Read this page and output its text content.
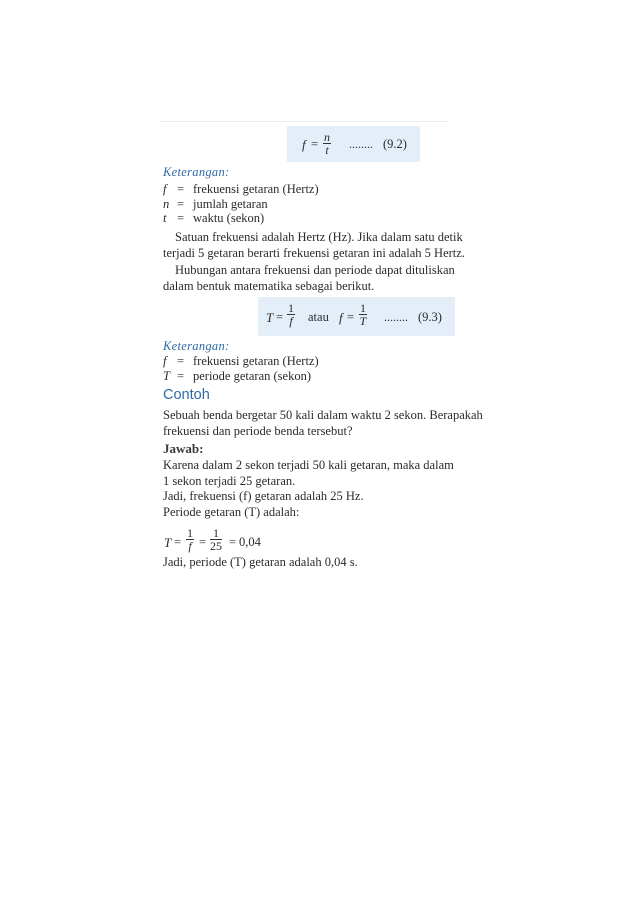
$f = \frac{n}{t}$ ........ (9.2)
Keterangan:
f = frekuensi getaran (Hertz)
n = jumlah getaran
t = waktu (sekon)
Satuan frekuensi adalah Hertz (Hz). Jika dalam satu detik
terjadi 5 getaran berarti frekuensi getaran ini adalah 5 Hertz.
Hubungan antara frekuensi dan periode dapat dituliskan
dalam bentuk matematika sebagai berikut.
$T = \frac{1}{f}$ atau $f = \frac{1}{T}$ ........ (9.3)
Keterangan:
f = frekuensi getaran (Hertz)
T = periode getaran (sekon)
Contoh
Sebuah benda bergetar 50 kali dalam waktu 2 sekon. Berapakah
frekuensi dan periode benda tersebut?
Jawab:
Karena dalam 2 sekon terjadi 50 kali getaran, maka dalam
1 sekon terjadi 25 getaran.
Jadi, frekuensi (f) getaran adalah 25 Hz.
Periode getaran (T) adalah:
$T = \frac{1}{f} = \frac{1}{25} = 0,04$
Jadi, periode (T) getaran adalah 0,04 s.
